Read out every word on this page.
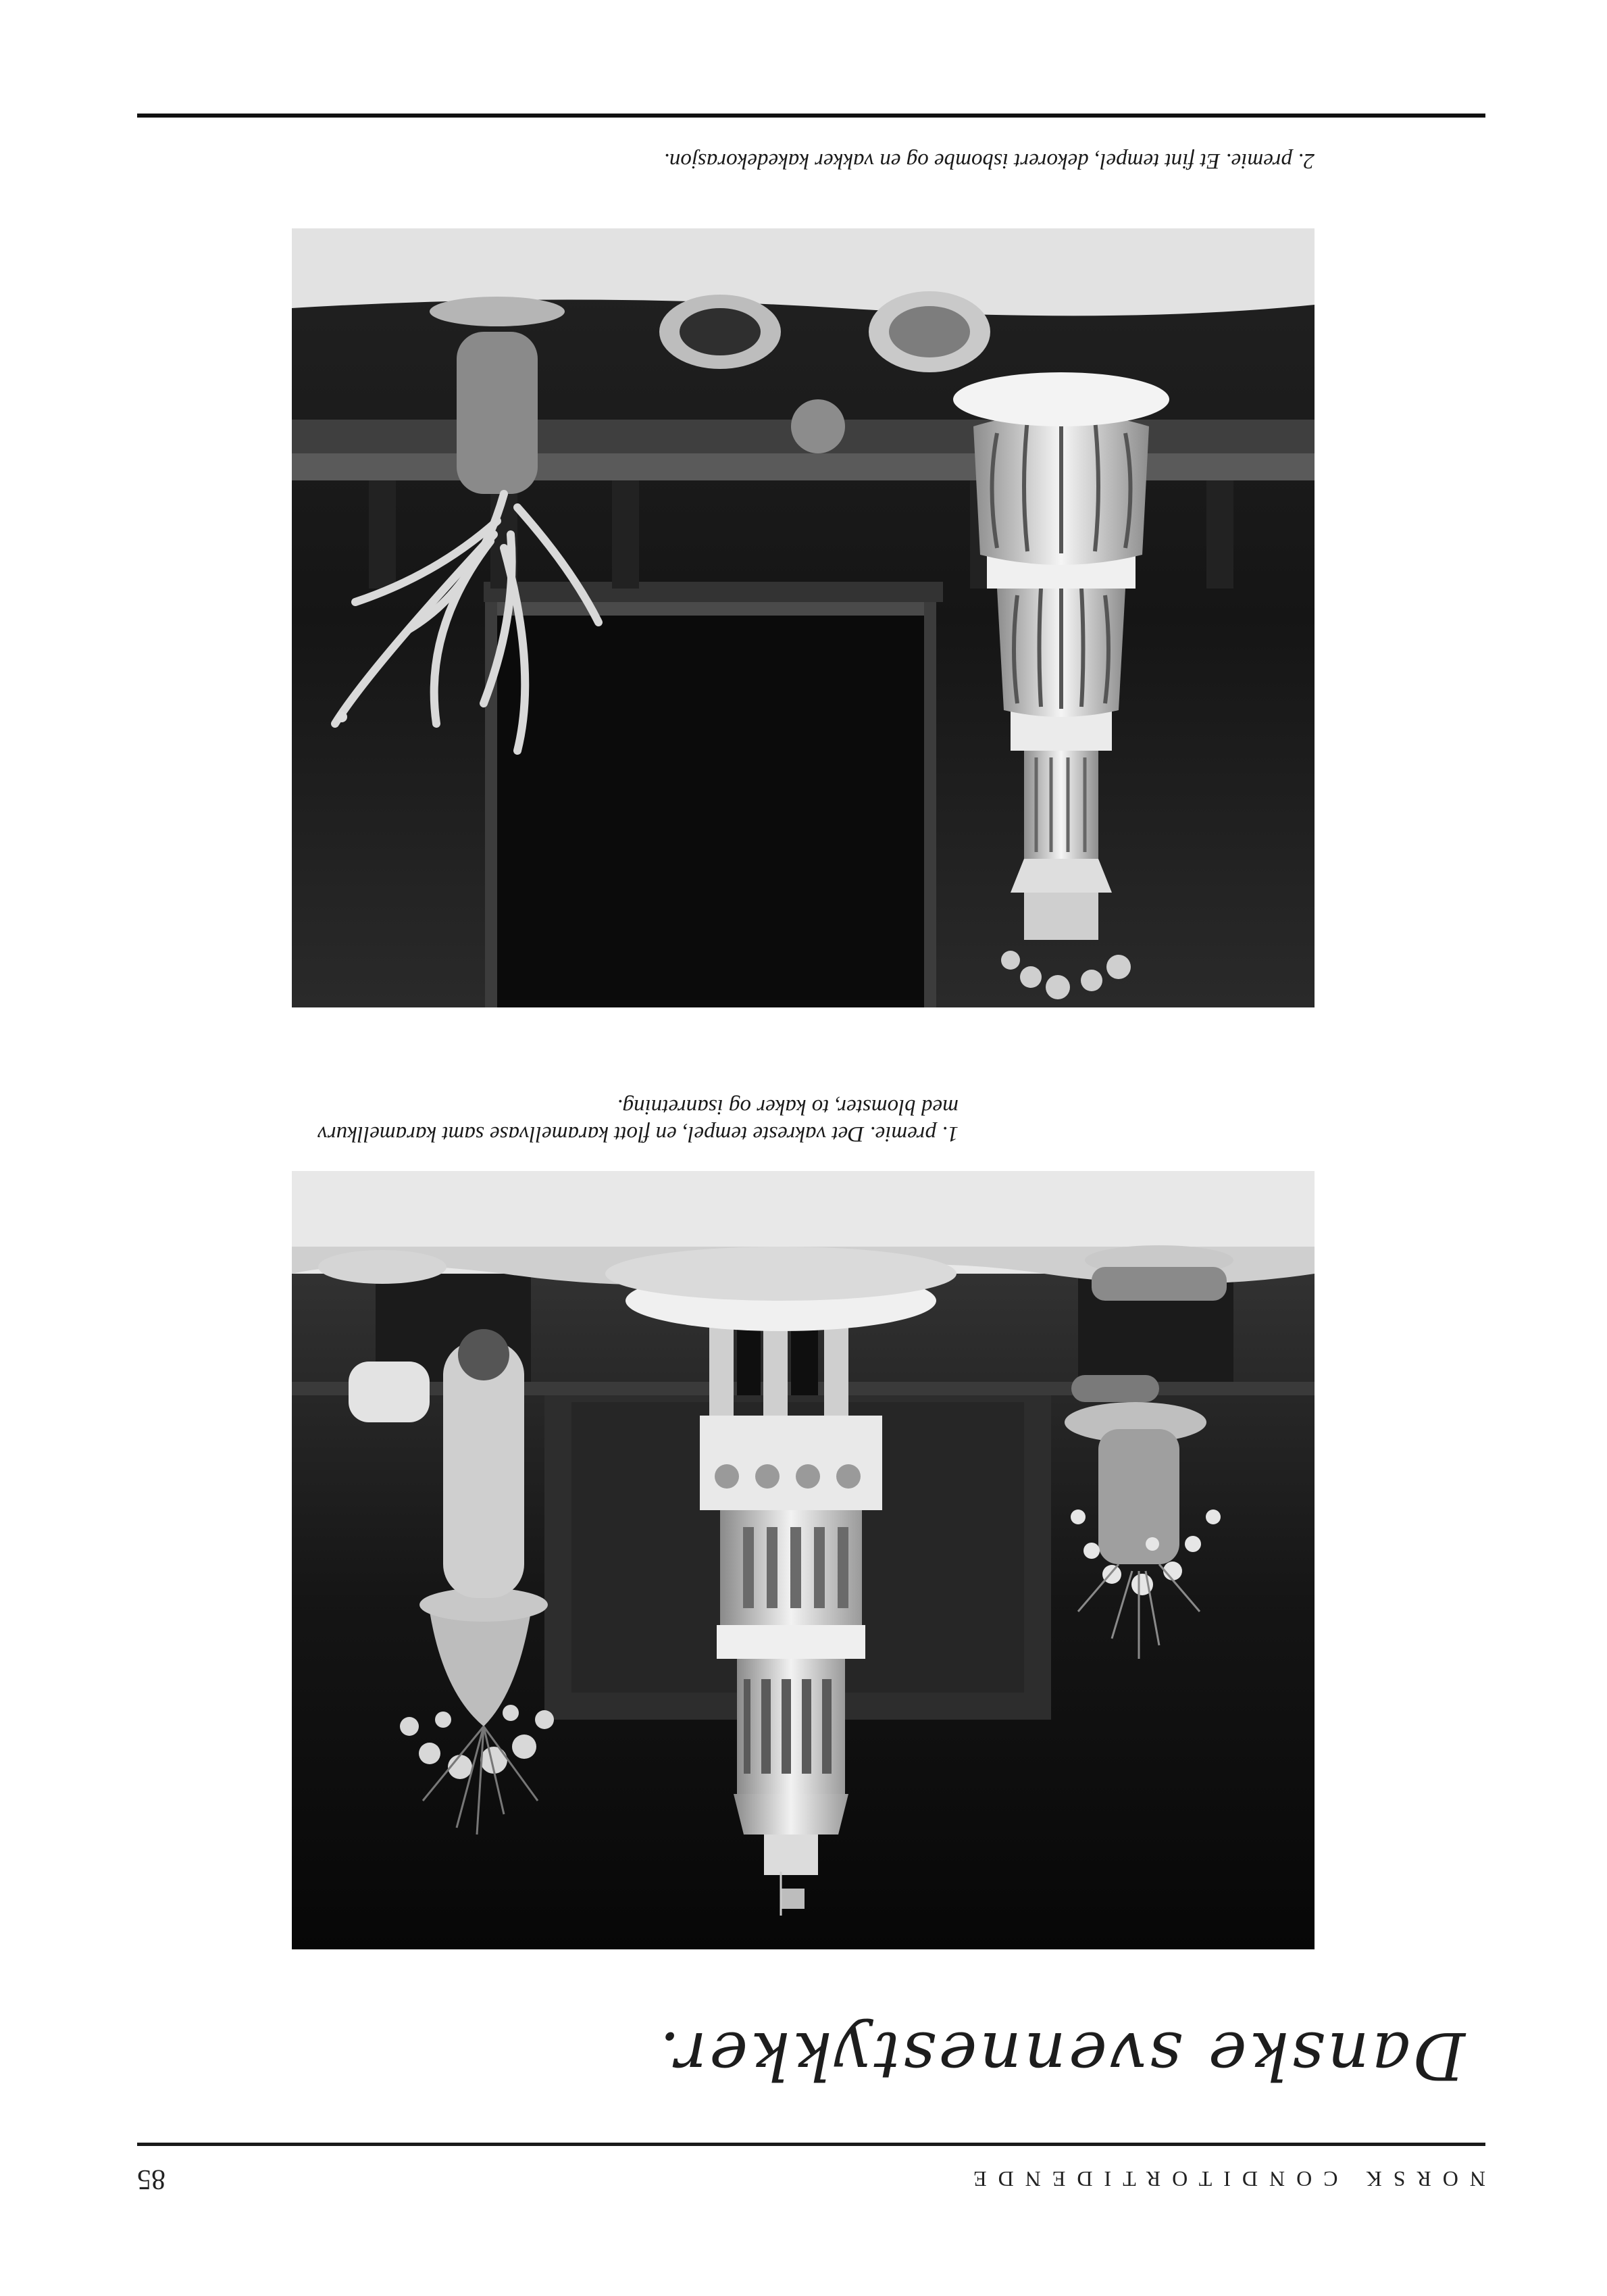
NORSK CONDITORTIDENDE
85
Danske svennestykker.
1. premie. Det vakreste tempel, en flott karamellvase samt karamellkurv med blomster, to kaker og isanretning.
2. premie. Et fint tempel, dekorert isbombe og en vakker kakedekorasjon.
